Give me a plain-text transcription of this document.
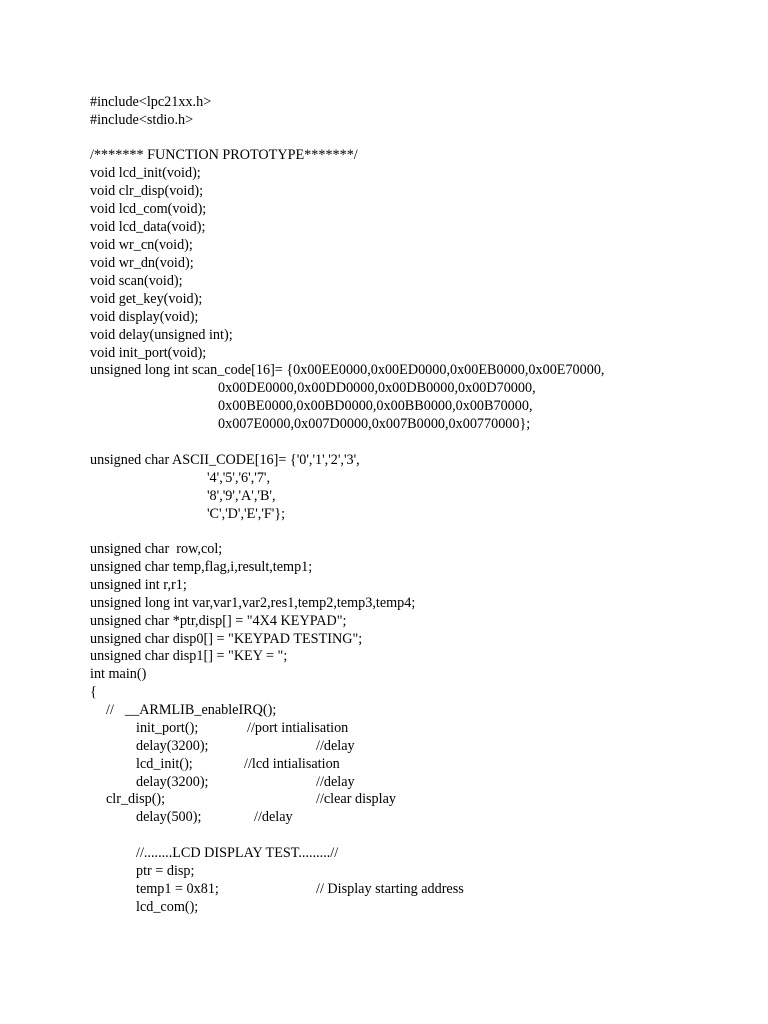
#include<lpc21xx.h>
#include<stdio.h>
/******* FUNCTION PROTOTYPE*******/
void lcd_init(void);
void clr_disp(void);
void lcd_com(void);
void lcd_data(void);
void wr_cn(void);
void wr_dn(void);
void scan(void);
void get_key(void);
void display(void);
void delay(unsigned int);
void init_port(void);
unsigned long int scan_code[16]= {0x00EE0000,0x00ED0000,0x00EB0000,0x00E70000,
0x00DE0000,0x00DD0000,0x00DB0000,0x00D70000,
0x00BE0000,0x00BD0000,0x00BB0000,0x00B70000,
0x007E0000,0x007D0000,0x007B0000,0x00770000};
unsigned char ASCII_CODE[16]= {'0','1','2','3',
'4','5','6','7',
'8','9','A','B',
'C','D','E','F'};
unsigned char  row,col;
unsigned char temp,flag,i,result,temp1;
unsigned int r,r1;
unsigned long int var,var1,var2,res1,temp2,temp3,temp4;
unsigned char *ptr,disp[] = "4X4 KEYPAD";
unsigned char disp0[] = "KEYPAD TESTING";
unsigned char disp1[] = "KEY = ";
int main()
{
// __ARMLIB_enableIRQ();
init_port();	//port intialisation
delay(3200);	//delay
lcd_init();	//lcd intialisation
delay(3200);	//delay
clr_disp();	//clear display
delay(500);	//delay
//........LCD DISPLAY TEST.........//
ptr = disp;
temp1 = 0x81;	// Display starting address
lcd_com();
